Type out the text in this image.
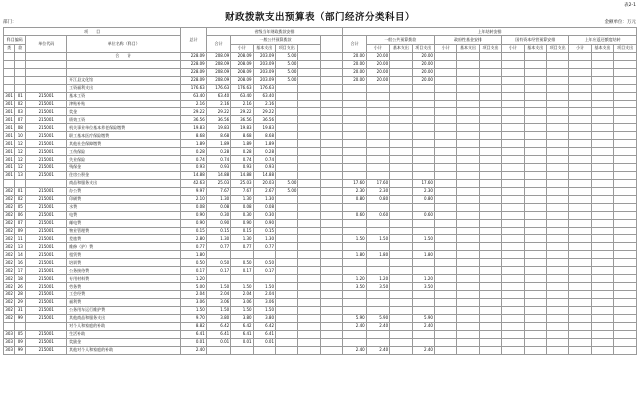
表2-1
财政拨款支出预算表（部门经济分类科目）
部门：	金额单位：万元
项　　目				总计	省级当年财政拨款安排						上年结转安排												
科目编码		单位代码	单位名称（科目）		合计	一般公共预算拨款					合计	一般公共预算拨款			政府性基金安排			国有资本经营预算安排			上年应返还额度结转		
类	款					小计	基本支出	项目支出				小计	基本支出	项目支出	小计	基本支出	项目支出	小计	基本支出	项目支出	小计	基本支出	项目支出

			合　计	228.09	208.09	208.09	203.09	5.00			20.00	20.00		20.00									
				228.09	208.09	208.09	203.09	5.00			20.00	20.00		20.00									
				228.09	208.09	208.09	203.09	5.00			20.00	20.00		20.00									
			开江县文化馆	228.09	208.09	208.09	203.09	5.00			20.00	20.00		20.00									
			工资福利支出	176.63	176.63	176.63	176.63																
301	01	215001	基本工资	63.40	63.40	63.40	63.40																
301	02	215001	津贴补贴	2.16	2.16	2.16	2.16																
301	03	215001	奖金	29.22	29.22	29.22	29.22																
301	07	215001	绩效工资	36.56	36.56	36.56	36.56																
301	08	215001	机关事业单位基本养老保险缴费	19.83	19.83	19.83	19.83																
301	10	215001	职工基本医疗保险缴费	8.68	8.68	8.68	8.68																
301	12	215001	其他社会保障缴费	1.89	1.89	1.89	1.89																
301	12	215001	工伤保险	0.28	0.28	0.28	0.28																
301	12	215001	失业保险	0.74	0.74	0.74	0.74																
301	12	215001	残保金	0.93	0.93	0.93	0.93																
301	13	215001	住房公积金	14.88	14.88	14.88	14.88																
			商品和服务支出	42.63	25.03	25.03	20.03	5.00			17.60	17.60		17.60									
302	01	215001	办公费	9.97	7.67	7.67	2.67	5.00			2.30	2.30		2.30									
302	02	215001	印刷费	2.10	1.30	1.30	1.30				0.80	0.80		0.80									
302	05	215001	水费	0.08	0.08	0.08	0.08																
302	06	215001	电费	0.90	0.30	0.30	0.30				0.60	0.60		0.60									
302	07	215001	邮电费	0.90	0.90	0.90	0.90																
302	09	215001	物业管理费	0.15	0.15	0.15	0.15																
302	11	215001	差旅费	2.80	1.30	1.30	1.30				1.50	1.50		1.50									
302	13	215001	维修（护）费	0.77	0.77	0.77	0.77																
302	14	215001	租赁费	1.80							1.80	1.80		1.80									
302	16	215001	培训费	0.50	0.50	0.50	0.50																
302	17	215001	公务接待费	0.17	0.17	0.17	0.17																
302	18	215001	专用材料费	1.20							1.20	1.20		1.20									
302	26	215001	劳务费	5.00	1.50	1.50	1.50				3.50	3.50		3.50									
302	28	215001	工会经费	2.04	2.04	2.04	2.04																
302	29	215001	福利费	3.06	3.06	3.06	3.06																
302	31	215001	公务用车运行维护费	1.50	1.50	1.50	1.50																
302	99	215001	其他商品和服务支出	9.70	3.80	3.80	3.80				5.90	5.90		5.90									
			对个人和家庭的补助	8.82	6.42	6.42	6.42				2.40	2.40		2.40									
303	05	215001	生活补助	6.41	6.41	6.41	6.41																
303	09	215001	奖励金	0.01	0.01	0.01	0.01																
303	99	215001	其他对个人和家庭的补助	2.40							2.40	2.40		2.40									
